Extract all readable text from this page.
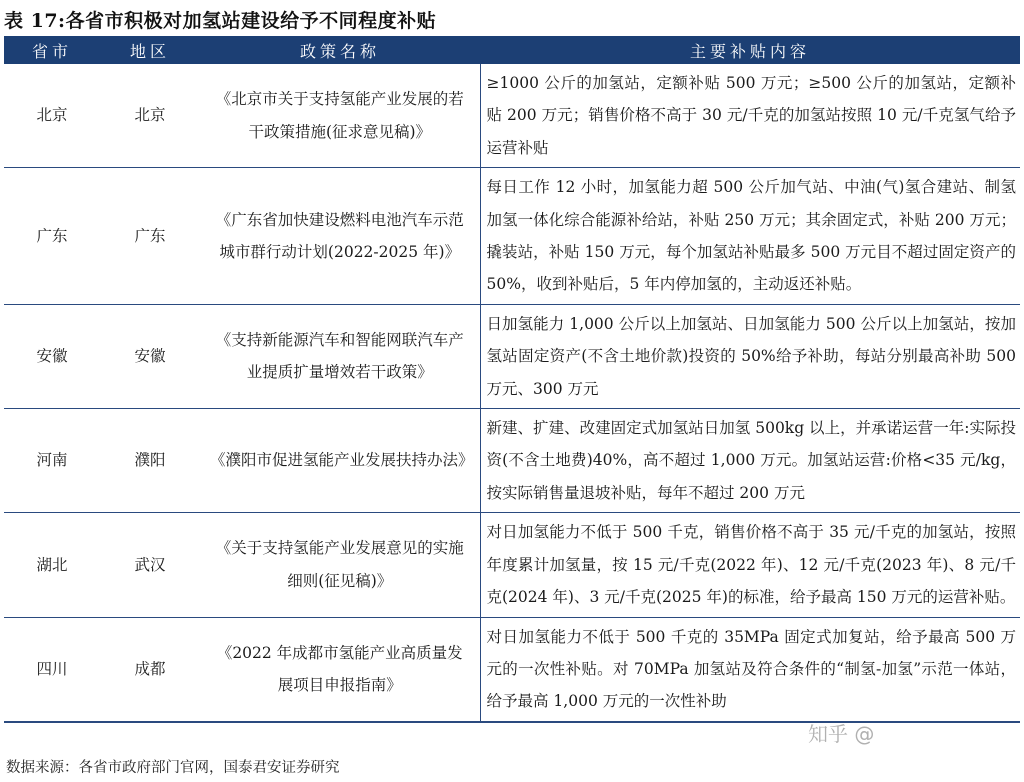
表 17:各省市积极对加氢站建设给予不同程度补贴
省市	地区	政策名称	主要补贴内容
北京	北京	《北京市关于支持氢能产业发展的若干政策措施(征求意见稿)》	≥1000 公斤的加氢站，定额补贴 500 万元；≥500 公斤的加氢站，定额补贴 200 万元；销售价格不高于 30 元/千克的加氢站按照 10 元/千克氢气给予运营补贴
广东	广东	《广东省加快建设燃料电池汽车示范城市群行动计划(2022-2025 年)》	每日工作 12 小时，加氢能力超 500 公斤加气站、中油(气)氢合建站、制氢加氢一体化综合能源补给站，补贴 250 万元；其余固定式，补贴 200 万元；撬装站，补贴 150 万元，每个加氢站补贴最多 500 万元目不超过固定资产的 50%，收到补贴后，5 年内停加氢的，主动返还补贴。
安徽	安徽	《支持新能源汽车和智能网联汽车产业提质扩量增效若干政策》	日加氢能力 1,000 公斤以上加氢站、日加氢能力 500 公斤以上加氢站，按加氢站固定资产(不含土地价款)投资的 50%给予补助，每站分别最高补助 500 万元、300 万元
河南	濮阳	《濮阳市促进氢能产业发展扶持办法》	新建、扩建、改建固定式加氢站日加氢 500kg 以上，并承诺运营一年:实际投资(不含土地费)40%，高不超过 1,000 万元。加氢站运营:价格<35 元/kg，按实际销售量退坡补贴，每年不超过 200 万元
湖北	武汉	《关于支持氢能产业发展意见的实施细则(征见稿)》	对日加氢能力不低于 500 千克，销售价格不高于 35 元/千克的加氢站，按照年度累计加氢量，按 15 元/千克(2022 年)、12 元/千克(2023 年)、8 元/千克(2024 年)、3 元/千克(2025 年)的标准，给予最高 150 万元的运营补贴。
四川	成都	《2022 年成都市氢能产业高质量发展项目申报指南》	对日加氢能力不低于 500 千克的 35MPa 固定式加复站，给予最高 500 万元的一次性补贴。对 70MPa 加氢站及符合条件的“制氢-加氢”示范一体站，给予最高 1,000 万元的一次性补助
数据来源：各省市政府部门官网，国泰君安证券研究
知乎 @
